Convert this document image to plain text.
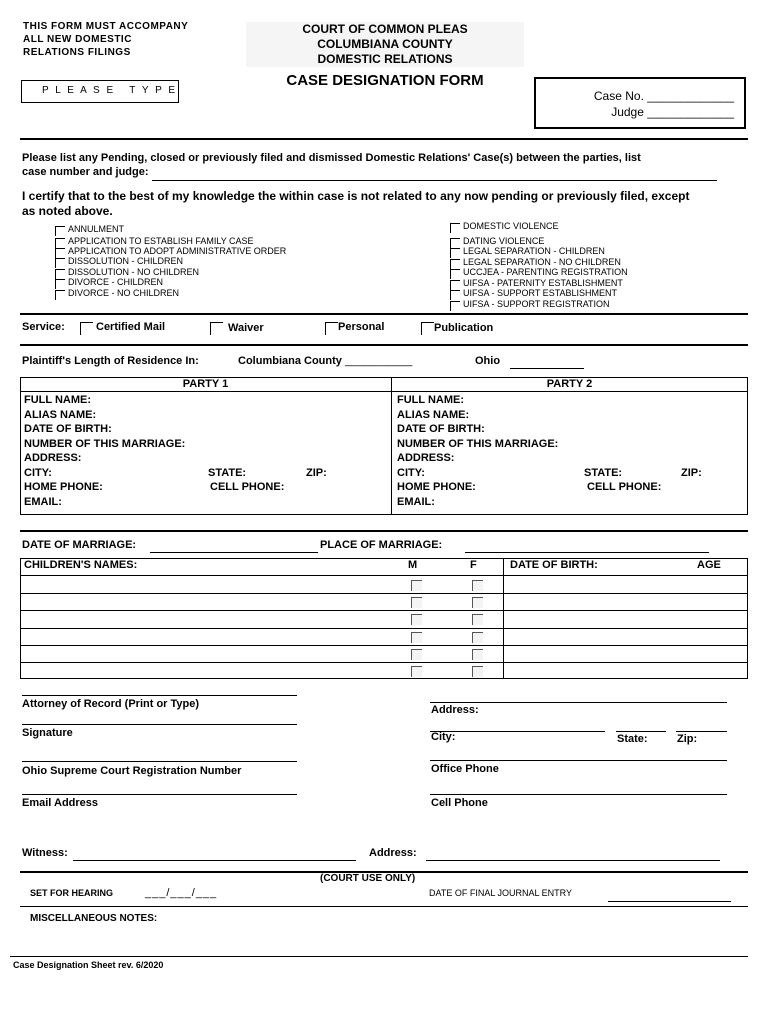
THIS FORM MUST ACCOMPANY
ALL NEW DOMESTIC
RELATIONS FILINGS
P L E A S E   T Y P E
COURT OF COMMON PLEAS
COLUMBIANA COUNTY
DOMESTIC RELATIONS
CASE DESIGNATION FORM
Case No. _____________
Judge _____________
Please list any Pending, closed or previously filed and dismissed Domestic Relations' Case(s) between the parties, list
case number and judge:
I certify that to the best of my knowledge the within case is not related to any now pending or previously filed, except
as noted above.
ANNULMENT
APPLICATION TO ESTABLISH FAMILY CASE
APPLICATION TO ADOPT ADMINISTRATIVE ORDER
DISSOLUTION - CHILDREN
DISSOLUTION - NO CHILDREN
DIVORCE - CHILDREN
DIVORCE - NO CHILDREN
DOMESTIC VIOLENCE
DATING VIOLENCE
LEGAL SEPARATION - CHILDREN
LEGAL SEPARATION - NO CHILDREN
UCCJEA - PARENTING REGISTRATION
UIFSA - PATERNITY ESTABLISHMENT
UIFSA - SUPPORT ESTABLISHMENT
UIFSA - SUPPORT REGISTRATION
Service:	Certified Mail	Waiver	Personal	Publication
Plaintiff's Length of Residence In:	Columbiana County ___________	Ohio
PARTY 1	PARTY 2
FULL NAME:
ALIAS NAME:
DATE OF BIRTH:
NUMBER OF THIS MARRIAGE:
ADDRESS:
CITY:	STATE:	ZIP:
HOME PHONE:	CELL PHONE:
EMAIL:
FULL NAME:
ALIAS NAME:
DATE OF BIRTH:
NUMBER OF THIS MARRIAGE:
ADDRESS:
CITY:	STATE:	ZIP:
HOME PHONE:	CELL PHONE:
EMAIL:
DATE OF MARRIAGE:	PLACE OF MARRIAGE:
CHILDREN'S NAMES:	M	F	DATE OF BIRTH:	AGE
Attorney of Record (Print or Type)
Signature
Ohio Supreme Court Registration Number
Email Address
Address:
City:	State:	Zip:
Office Phone
Cell Phone
Witness:	Address:
(COURT USE ONLY)
SET FOR HEARING	___/___/___	DATE OF FINAL JOURNAL ENTRY
MISCELLANEOUS NOTES:
Case Designation Sheet rev. 6/2020
